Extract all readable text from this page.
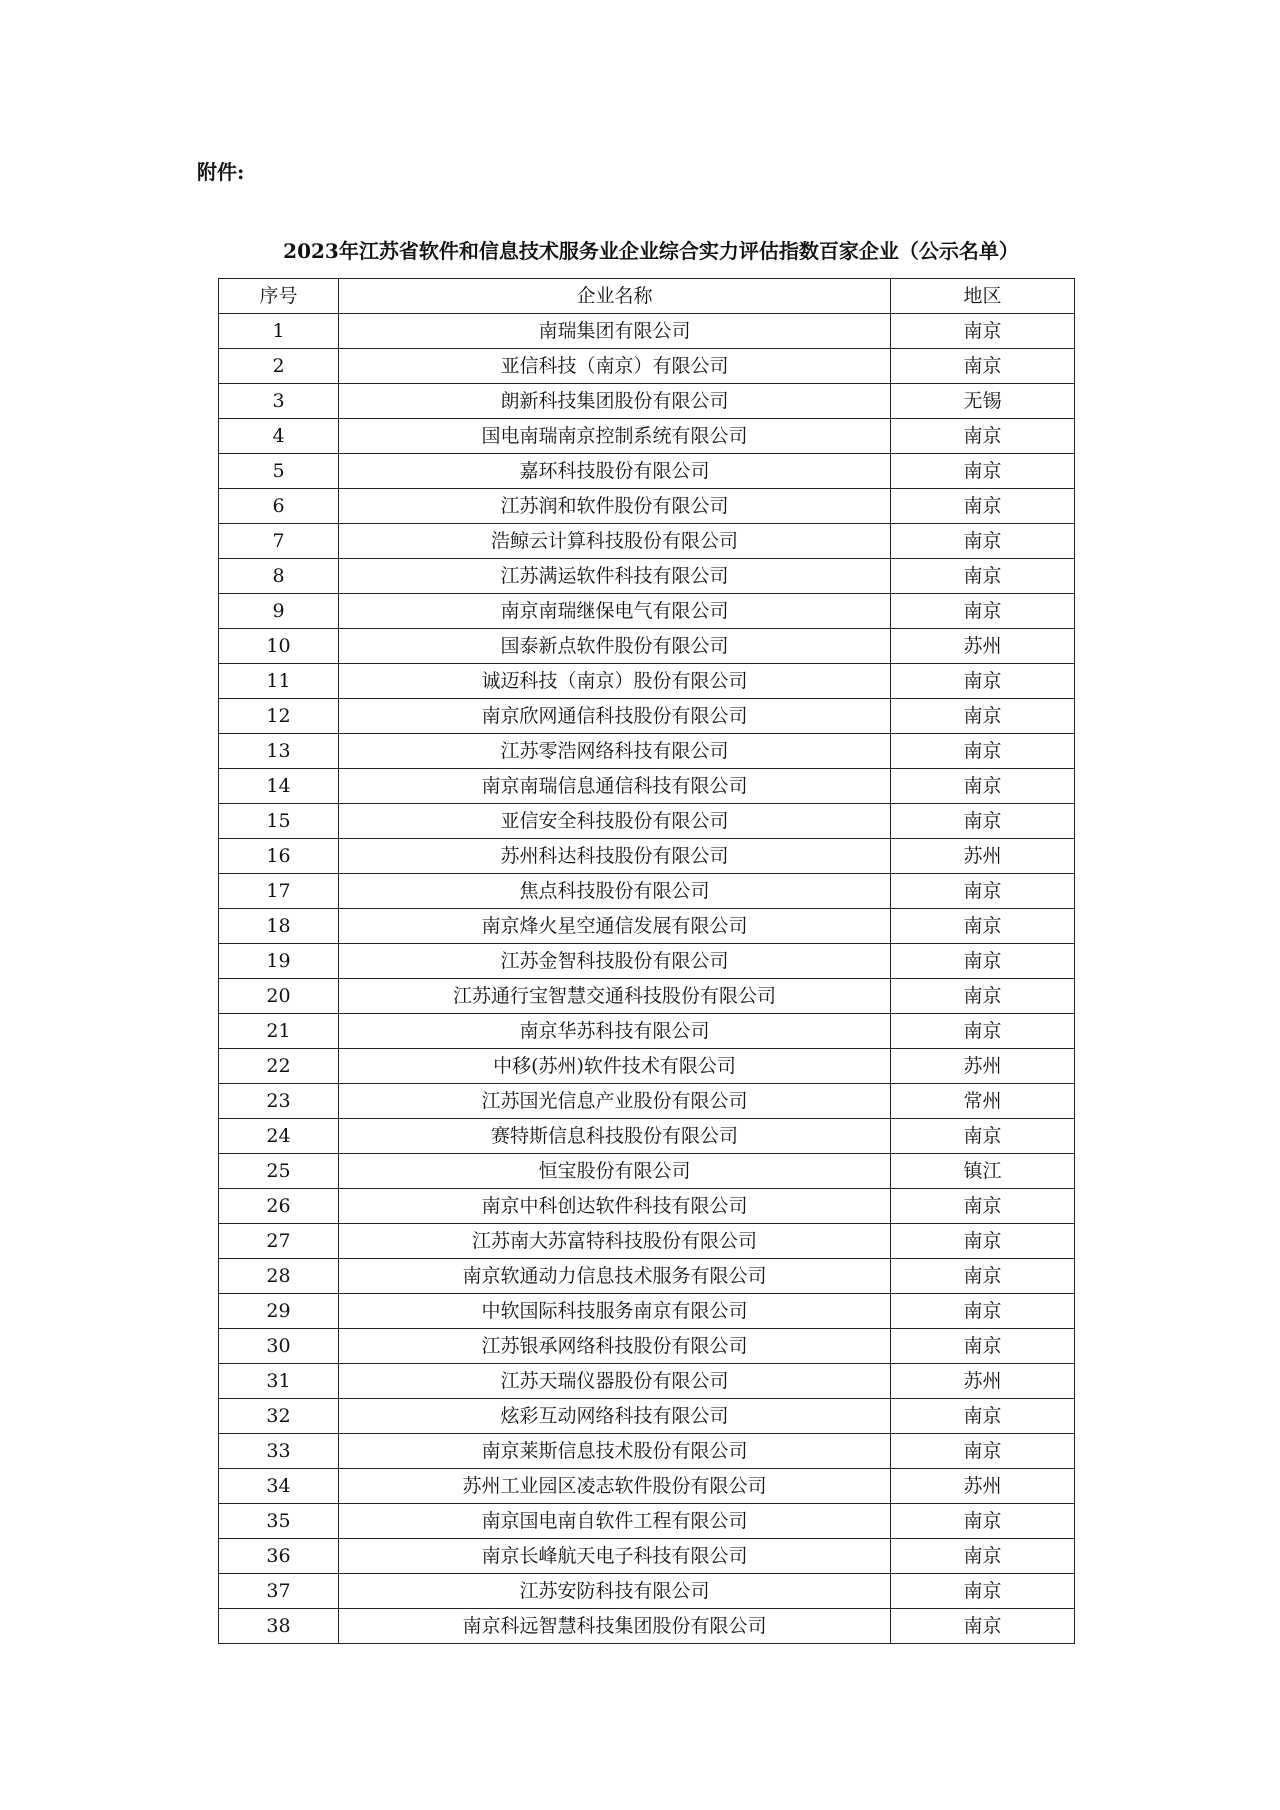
附件:
2023年江苏省软件和信息技术服务业企业综合实力评估指数百家企业（公示名单）
序号	企业名称	地区
1	南瑞集团有限公司	南京
2	亚信科技（南京）有限公司	南京
3	朗新科技集团股份有限公司	无锡
4	国电南瑞南京控制系统有限公司	南京
5	嘉环科技股份有限公司	南京
6	江苏润和软件股份有限公司	南京
7	浩鲸云计算科技股份有限公司	南京
8	江苏满运软件科技有限公司	南京
9	南京南瑞继保电气有限公司	南京
10	国泰新点软件股份有限公司	苏州
11	诚迈科技（南京）股份有限公司	南京
12	南京欣网通信科技股份有限公司	南京
13	江苏零浩网络科技有限公司	南京
14	南京南瑞信息通信科技有限公司	南京
15	亚信安全科技股份有限公司	南京
16	苏州科达科技股份有限公司	苏州
17	焦点科技股份有限公司	南京
18	南京烽火星空通信发展有限公司	南京
19	江苏金智科技股份有限公司	南京
20	江苏通行宝智慧交通科技股份有限公司	南京
21	南京华苏科技有限公司	南京
22	中移(苏州)软件技术有限公司	苏州
23	江苏国光信息产业股份有限公司	常州
24	赛特斯信息科技股份有限公司	南京
25	恒宝股份有限公司	镇江
26	南京中科创达软件科技有限公司	南京
27	江苏南大苏富特科技股份有限公司	南京
28	南京软通动力信息技术服务有限公司	南京
29	中软国际科技服务南京有限公司	南京
30	江苏银承网络科技股份有限公司	南京
31	江苏天瑞仪器股份有限公司	苏州
32	炫彩互动网络科技有限公司	南京
33	南京莱斯信息技术股份有限公司	南京
34	苏州工业园区凌志软件股份有限公司	苏州
35	南京国电南自软件工程有限公司	南京
36	南京长峰航天电子科技有限公司	南京
37	江苏安防科技有限公司	南京
38	南京科远智慧科技集团股份有限公司	南京
